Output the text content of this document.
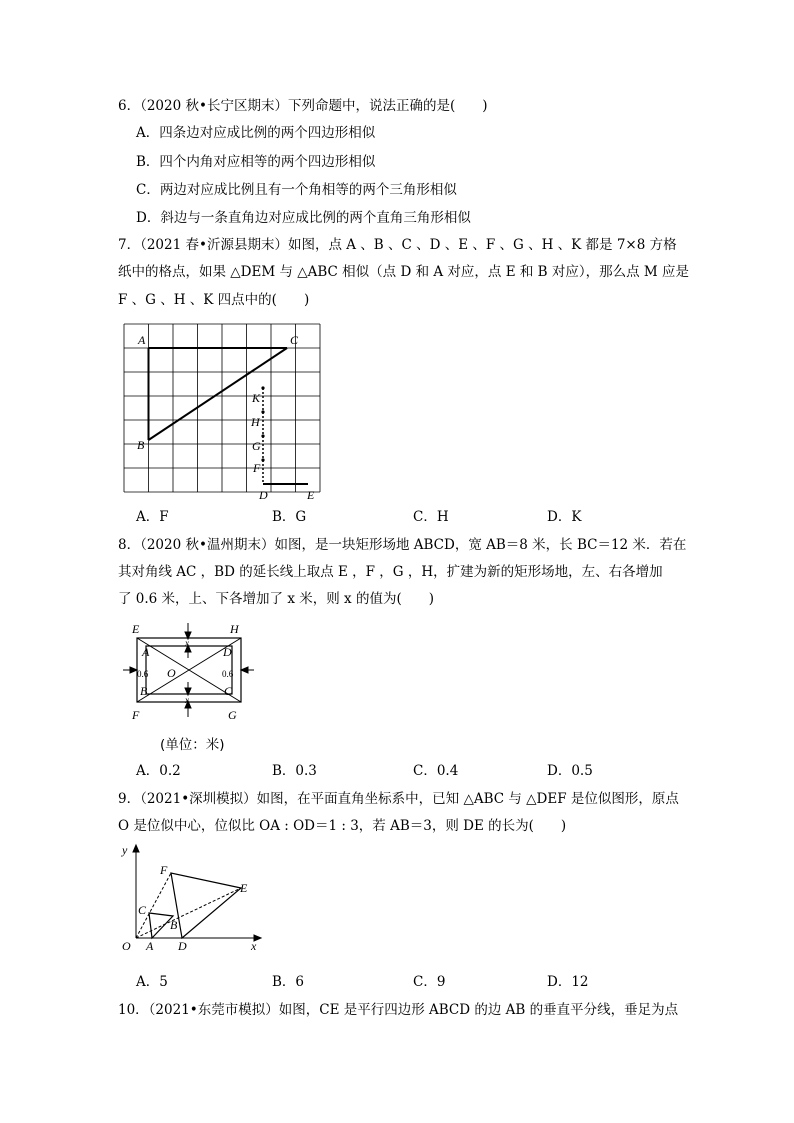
6．（2020 秋•长宁区期末）下列命题中，说法正确的是(　　)
A．四条边对应成比例的两个四边形相似
B．四个内角对应相等的两个四边形相似
C．两边对应成比例且有一个角相等的两个三角形相似
D．斜边与一条直角边对应成比例的两个直角三角形相似
7．（2021 春•沂源县期末）如图，点 A 、B 、C 、D 、E 、F 、G 、H 、K 都是 7×8 方格
纸中的格点，如果 △DEM 与 △ABC 相似（点 D 和 A 对应，点 E 和 B 对应），那么点 M 应是
F 、G 、H 、K 四点中的(　　)
A	C
B
K
H
G
F
D	E
A．F	B．G	C．H	D．K
8．（2020 秋•温州期末）如图，是一块矩形场地 ABCD，宽 AB＝8 米，长 BC＝12 米．若在
其对角线 AC ，BD 的延长线上取点 E ，F ，G ，H，扩建为新的矩形场地，左、右各增加
了 0.6 米，上、下各增加了 x 米，则 x 的值为(　　)
E	H
A	D
B	C
F	G
O
x
x
0.6	0.6
(单位：米)
A．0.2	B．0.3	C．0.4	D．0.5
9．（2021•深圳模拟）如图，在平面直角坐标系中，已知 △ABC 与 △DEF 是位似图形，原点
O 是位似中心，位似比 OA : OD＝1 : 3，若 AB＝3，则 DE 的长为(　　)
y
x
O A
B
C
D
E
F
A．5	B．6	C．9	D．12
10．（2021•东莞市模拟）如图，CE 是平行四边形 ABCD 的边 AB 的垂直平分线，垂足为点
